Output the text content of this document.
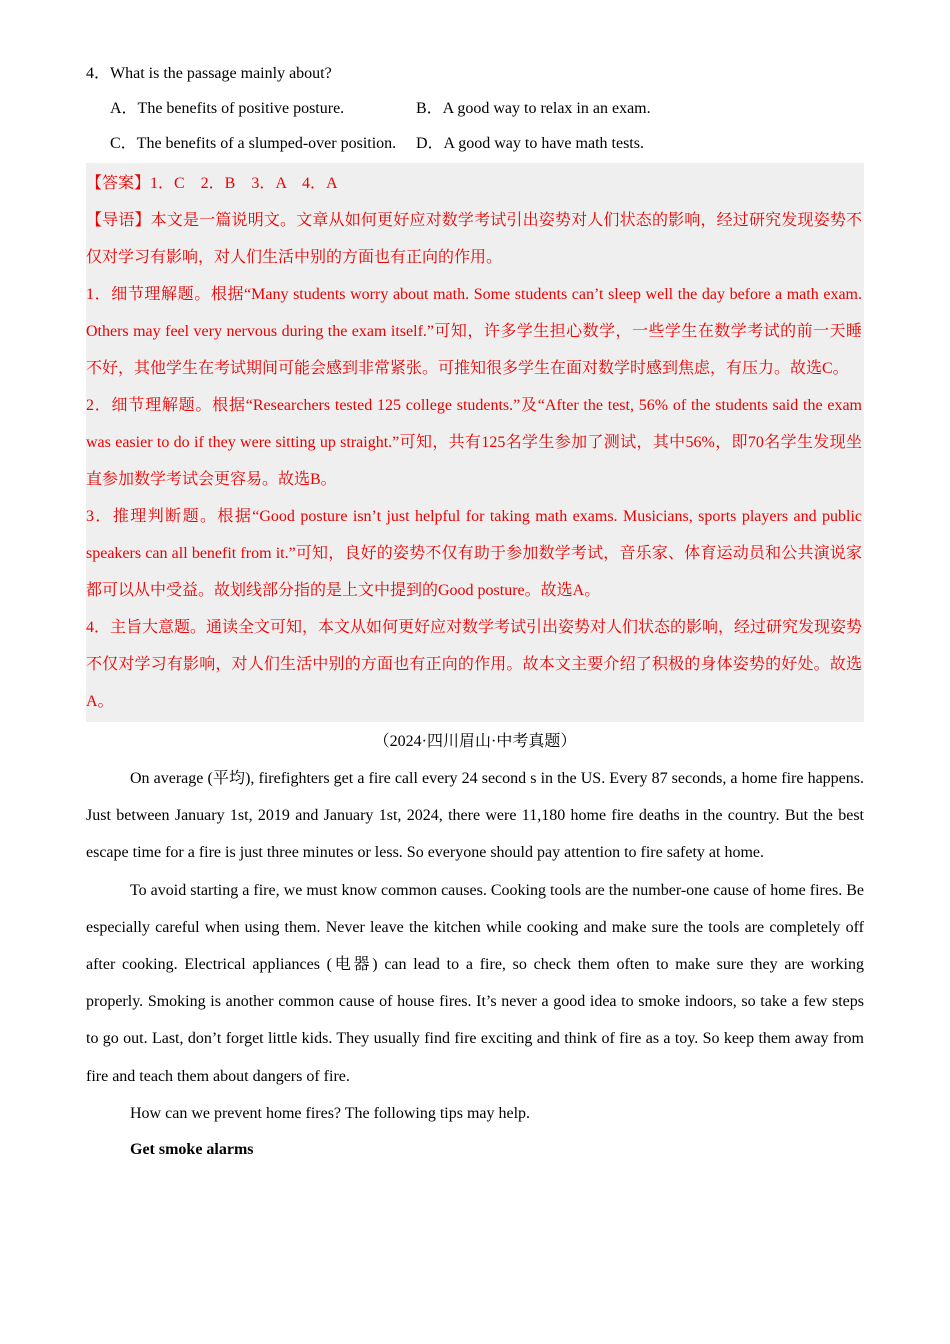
4．What is the passage mainly about?
A．The benefits of positive posture.	B．A good way to relax in an exam.
C．The benefits of a slumped-over position. D．A good way to have math tests.

【答案】1．C    2．B    3．A    4．A

【导语】本文是一篇说明文。文章从如何更好应对数学考试引出姿势对人们状态的影响，经过研究发现姿势不仅对学习有影响，对人们生活中别的方面也有正向的作用。

1．细节理解题。根据“Many students worry about math. Some students can’t sleep well the day before a math exam. Others may feel very nervous during the exam itself.”可知，许多学生担心数学，一些学生在数学考试的前一天睡不好，其他学生在考试期间可能会感到非常紧张。可推知很多学生在面对数学时感到焦虑，有压力。故选C。

2．细节理解题。根据“Researchers tested 125 college students.”及“After the test, 56% of the students said the exam was easier to do if they were sitting up straight.”可知，共有125名学生参加了测试，其中56%，即70名学生发现坐直参加数学考试会更容易。故选B。

3．推理判断题。根据“Good posture isn’t just helpful for taking math exams. Musicians, sports players and public speakers can all benefit from it.”可知，良好的姿势不仅有助于参加数学考试，音乐家、体育运动员和公共演说家都可以从中受益。故划线部分指的是上文中提到的Good posture。故选A。

4．主旨大意题。通读全文可知，本文从如何更好应对数学考试引出姿势对人们状态的影响，经过研究发现姿势不仅对学习有影响，对人们生活中别的方面也有正向的作用。故本文主要介绍了积极的身体姿势的好处。故选A。

（2024·四川眉山·中考真题）

On average (平均), firefighters get a fire call every 24 second s in the US. Every 87 seconds, a home fire happens. Just between January 1st, 2019 and January 1st, 2024, there were 11,180 home fire deaths in the country. But the best escape time for a fire is just three minutes or less. So everyone should pay attention to fire safety at home.

To avoid starting a fire, we must know common causes. Cooking tools are the number-one cause of home fires. Be especially careful when using them. Never leave the kitchen while cooking and make sure the tools are completely off after cooking. Electrical appliances (电器) can lead to a fire, so check them often to make sure they are working properly. Smoking is another common cause of house fires. It’s never a good idea to smoke indoors, so take a few steps to go out. Last, don’t forget little kids. They usually find fire exciting and think of fire as a toy. So keep them away from fire and teach them about dangers of fire.

How can we prevent home fires? The following tips may help.

Get smoke alarms
